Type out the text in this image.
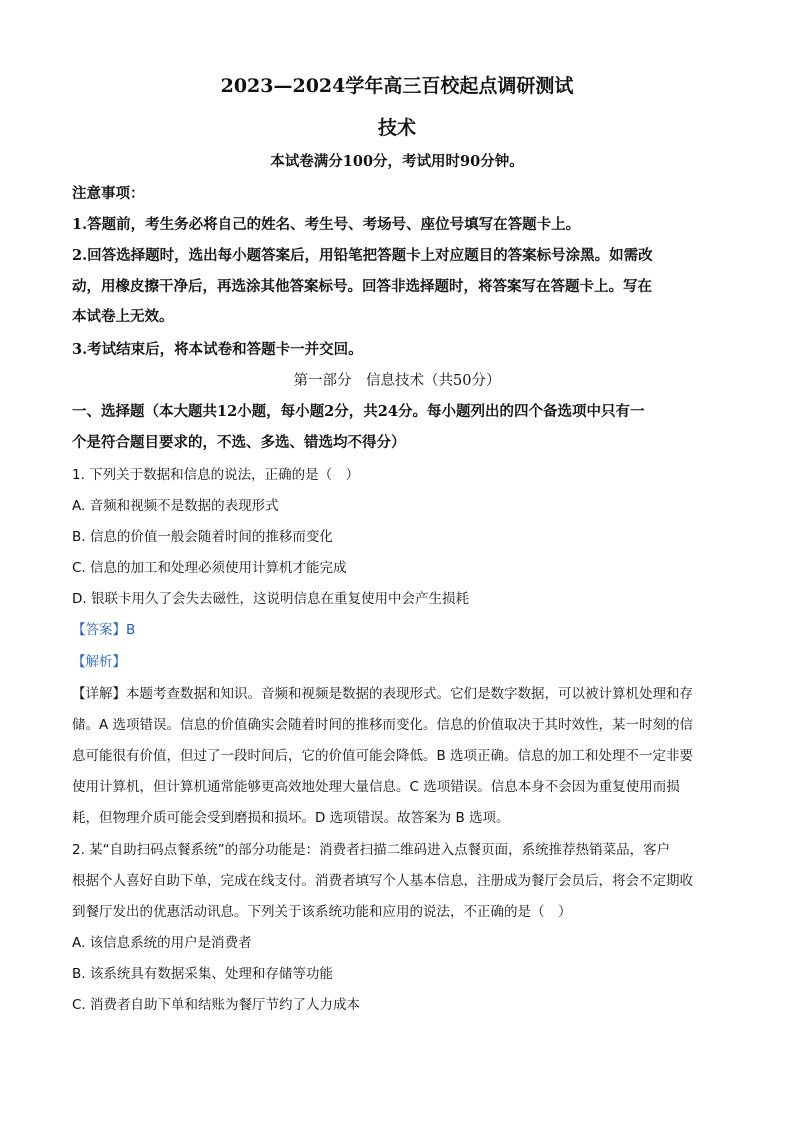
2023—2024学年高三百校起点调研测试
技术
本试卷满分100分，考试用时90分钟。
注意事项：
1.答题前，考生务必将自己的姓名、考生号、考场号、座位号填写在答题卡上。
2.回答选择题时，选出每小题答案后，用铅笔把答题卡上对应题目的答案标号涂黑。如需改
动，用橡皮擦干净后，再选涂其他答案标号。回答非选择题时，将答案写在答题卡上。写在
本试卷上无效。
3.考试结束后，将本试卷和答题卡一并交回。
第一部分　信息技术（共50分）
一、选择题（本大题共12小题，每小题2分，共24分。每小题列出的四个备选项中只有一
个是符合题目要求的，不选、多选、错选均不得分）
1. 下列关于数据和信息的说法，正确的是（　）
A. 音频和视频不是数据的表现形式
B. 信息的价值一般会随着时间的推移而变化
C. 信息的加工和处理必须使用计算机才能完成
D. 银联卡用久了会失去磁性，这说明信息在重复使用中会产生损耗
【答案】B
【解析】
【详解】本题考查数据和知识。音频和视频是数据的表现形式。它们是数字数据，可以被计算机处理和存
储。A 选项错误。信息的价值确实会随着时间的推移而变化。信息的价值取决于其时效性，某一时刻的信
息可能很有价值，但过了一段时间后，它的价值可能会降低。B 选项正确。信息的加工和处理不一定非要
使用计算机，但计算机通常能够更高效地处理大量信息。C 选项错误。信息本身不会因为重复使用而损
耗，但物理介质可能会受到磨损和损坏。D 选项错误。故答案为 B 选项。
2. 某“自助扫码点餐系统”的部分功能是：消费者扫描二维码进入点餐页面，系统推荐热销菜品，客户
根据个人喜好自助下单，完成在线支付。消费者填写个人基本信息，注册成为餐厅会员后，将会不定期收
到餐厅发出的优惠活动讯息。下列关于该系统功能和应用的说法，不正确的是（　）
A. 该信息系统的用户是消费者
B. 该系统具有数据采集、处理和存储等功能
C. 消费者自助下单和结账为餐厅节约了人力成本
